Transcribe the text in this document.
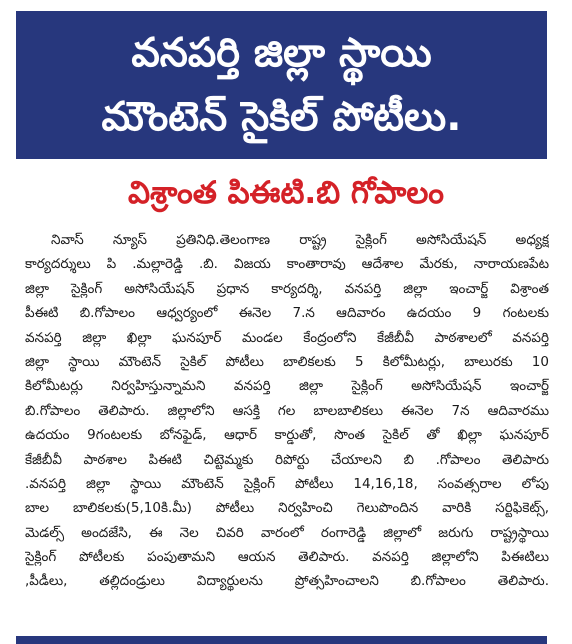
వనపర్తి జిల్లా స్థాయి
మౌంటెన్ సైకిల్ పోటీలు.
విశ్రాంత పిఈటి.బి గోపాలం
నివాస్ న్యూస్ ప్రతినిధి.తెలంగాణ రాష్ట్ర సైక్లింగ్ అసోసియేషన్ అధ్యక్ష
కార్యదర్శులు పి .మల్లారెడ్డి .బి. విజయ కాంతారావు ఆదేశాల మేరకు, నారాయణపేట
జిల్లా సైక్లింగ్ అసోసియేషన్ ప్రధాన కార్యదర్శి, వనపర్తి జిల్లా ఇంచార్జ్ విశ్రాంత
పీఈటి బి.గోపాలం ఆధ్వర్యంలో ఈనెల 7.న ఆదివారం ఉదయం 9 గంటలకు
వనపర్తి జిల్లా ఖిల్లా ఘనపూర్ మండల కేంద్రంలోని కేజీబీవీ పాఠశాలలో వనపర్తి
జిల్లా స్థాయి మౌంటెన్ సైకిల్ పోటీలు బాలికలకు 5 కిలోమీటర్లు, బాలురకు 10
కిలోమీటర్లు నిర్వహిస్తున్నామని వనపర్తి జిల్లా సైక్లింగ్ అసోసియేషన్ ఇంచార్జ్
బి.గోపాలం తెలిపారు. జిల్లాలోని ఆసక్తి గల బాలబాలికలు ఈనెల 7న ఆదివారము
ఉదయం 9గంటలకు బోనఫైడ్, ఆధార్ కార్డుతో, సొంత సైకిల్ తో ఖిల్లా ఘనపూర్
కేజీబీవీ పాఠశాల పిఈటి చిట్టెమ్మకు రిపోర్టు చేయాలని బి .గోపాలం తెలిపారు
.వనపర్తి జిల్లా స్థాయి మౌంటెన్ సైక్లింగ్ పోటీలు 14,16,18, సంవత్సరాల లోపు
బాల బాలికలకు(5,10కి.మీ) పోటీలు నిర్వహించి గెలుపొందిన వారికి సర్టిఫికెట్స్,
మెడల్స్ అందజేసి, ఈ నెల చివరి వారంలో రంగారెడ్డి జిల్లాలో జరుగు రాష్ట్రస్థాయి
సైక్లింగ్ పోటీలకు పంపుతామని ఆయన తెలిపారు. వనపర్తి జిల్లాలోని పిఈటిలు
,పీడీలు, తల్లిదండ్రులు విద్యార్థులను ప్రోత్సహించాలని బి.గోపాలం తెలిపారు.
